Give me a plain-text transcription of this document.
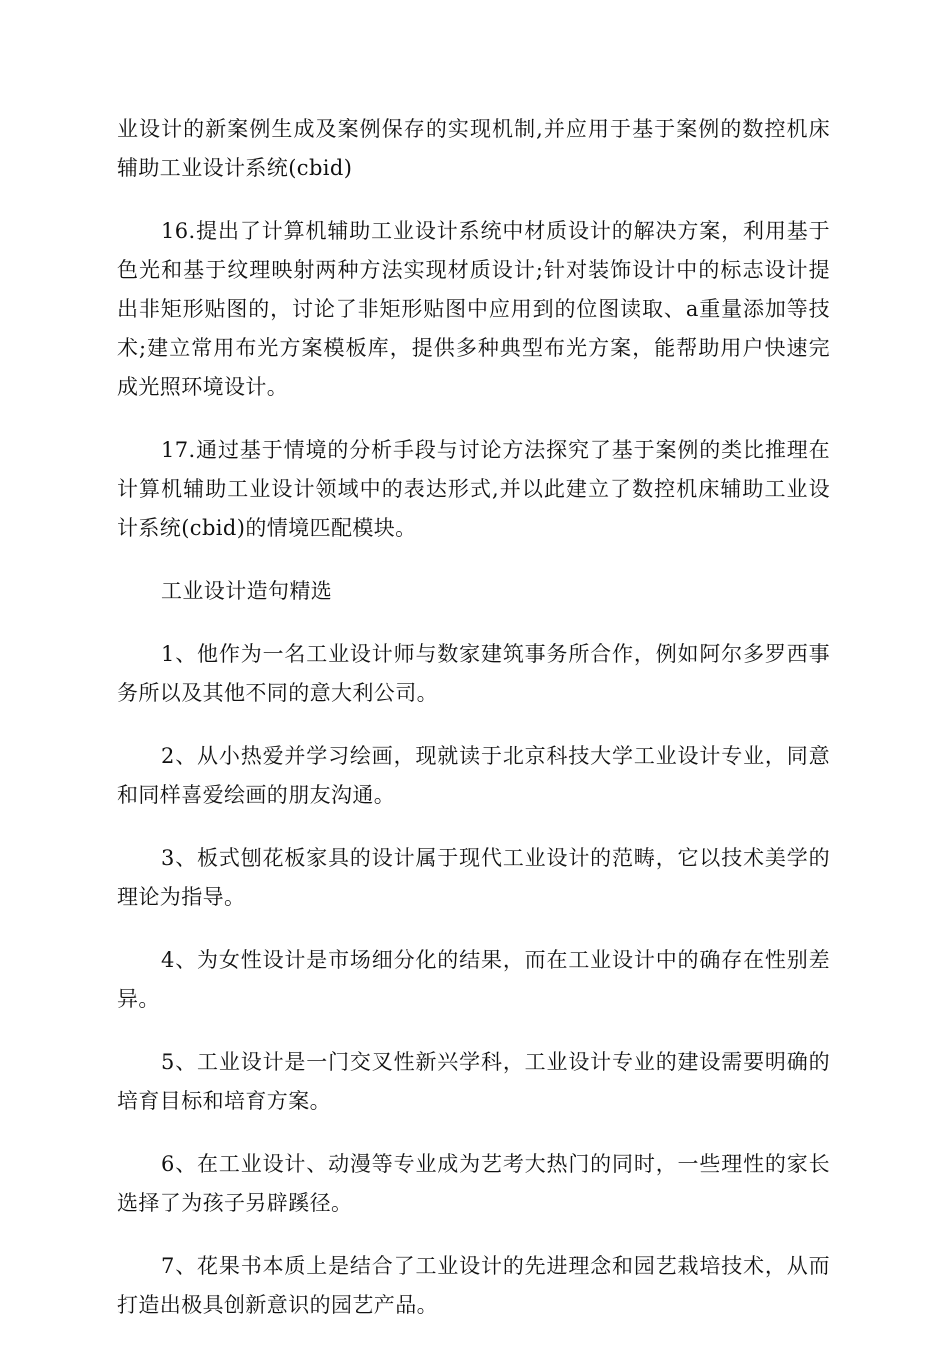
业设计的新案例生成及案例保存的实现机制,并应用于基于案例的数控机床辅助工业设计系统(cbid)

16.提出了计算机辅助工业设计系统中材质设计的解决方案，利用基于色光和基于纹理映射两种方法实现材质设计;针对装饰设计中的标志设计提出非矩形贴图的，讨论了非矩形贴图中应用到的位图读取、a重量添加等技术;建立常用布光方案模板库，提供多种典型布光方案，能帮助用户快速完成光照环境设计。

17.通过基于情境的分析手段与讨论方法探究了基于案例的类比推理在计算机辅助工业设计领域中的表达形式,并以此建立了数控机床辅助工业设计系统(cbid)的情境匹配模块。

工业设计造句精选

1、他作为一名工业设计师与数家建筑事务所合作，例如阿尔多罗西事务所以及其他不同的意大利公司。

2、从小热爱并学习绘画，现就读于北京科技大学工业设计专业，同意和同样喜爱绘画的朋友沟通。

3、板式刨花板家具的设计属于现代工业设计的范畴，它以技术美学的理论为指导。

4、为女性设计是市场细分化的结果，而在工业设计中的确存在性别差异。

5、工业设计是一门交叉性新兴学科，工业设计专业的建设需要明确的培育目标和培育方案。

6、在工业设计、动漫等专业成为艺考大热门的同时，一些理性的家长选择了为孩子另辟蹊径。

7、花果书本质上是结合了工业设计的先进理念和园艺栽培技术，从而打造出极具创新意识的园艺产品。
